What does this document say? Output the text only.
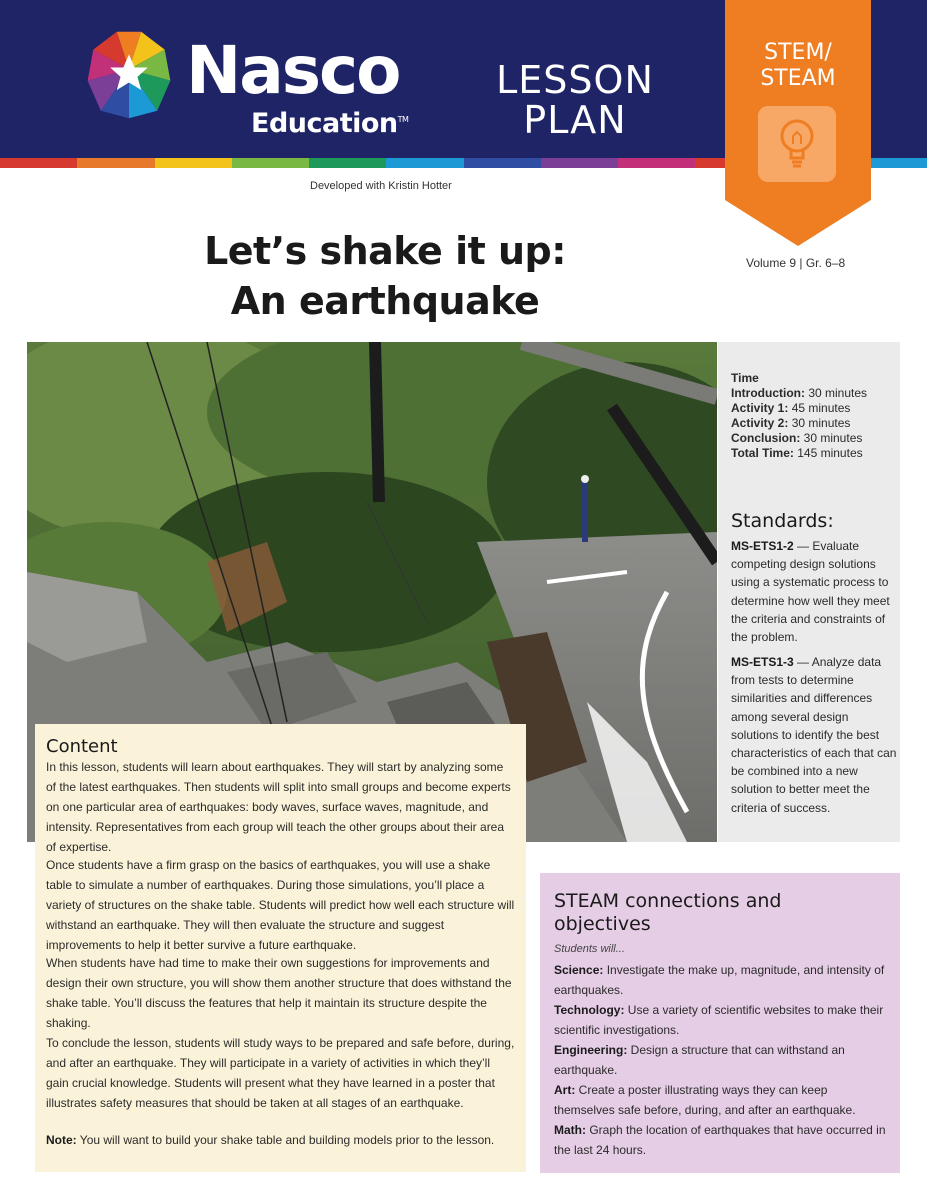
Nasco
Education™
LESSON
PLAN
STEM/
STEAM
Developed with Kristin Hotter
Volume 9 | Gr. 6–8
Let’s shake it up:
An earthquake
Time
Introduction: 30 minutes
Activity 1: 45 minutes
Activity 2: 30 minutes
Conclusion: 30 minutes
Total Time: 145 minutes
Standards:
MS-ETS1-2 — Evaluate competing design solutions using a systematic process to determine how well they meet the criteria and constraints of the problem.
MS-ETS1-3 — Analyze data from tests to determine similarities and differences among several design solutions to identify the best characteristics of each that can be combined into a new solution to better meet the criteria of success.
Content
In this lesson, students will learn about earthquakes. They will start by analyzing some of the latest earthquakes. Then students will split into small groups and become experts on one particular area of earthquakes: body waves, surface waves, magnitude, and intensity. Representatives from each group will teach the other groups about their area of expertise.
Once students have a firm grasp on the basics of earthquakes, you will use a shake table to simulate a number of earthquakes. During those simulations, you’ll place a variety of structures on the shake table. Students will predict how well each structure will withstand an earthquake. They will then evaluate the structure and suggest improvements to help it better survive a future earthquake.
When students have had time to make their own suggestions for improvements and design their own structure, you will show them another structure that does withstand the shake table. You’ll discuss the features that help it maintain its structure despite the shaking.
To conclude the lesson, students will study ways to be prepared and safe before, during, and after an earthquake. They will participate in a variety of activities in which they’ll gain crucial knowledge. Students will present what they have learned in a poster that illustrates safety measures that should be taken at all stages of an earthquake.
Note: You will want to build your shake table and building models prior to the lesson.
STEAM connections and objectives
Students will...
Science: Investigate the make up, magnitude, and intensity of earthquakes.
Technology: Use a variety of scientific websites to make their scientific investigations.
Engineering: Design a structure that can withstand an earthquake.
Art: Create a poster illustrating ways they can keep themselves safe before, during, and after an earthquake.
Math: Graph the location of earthquakes that have occurred in the last 24 hours.
